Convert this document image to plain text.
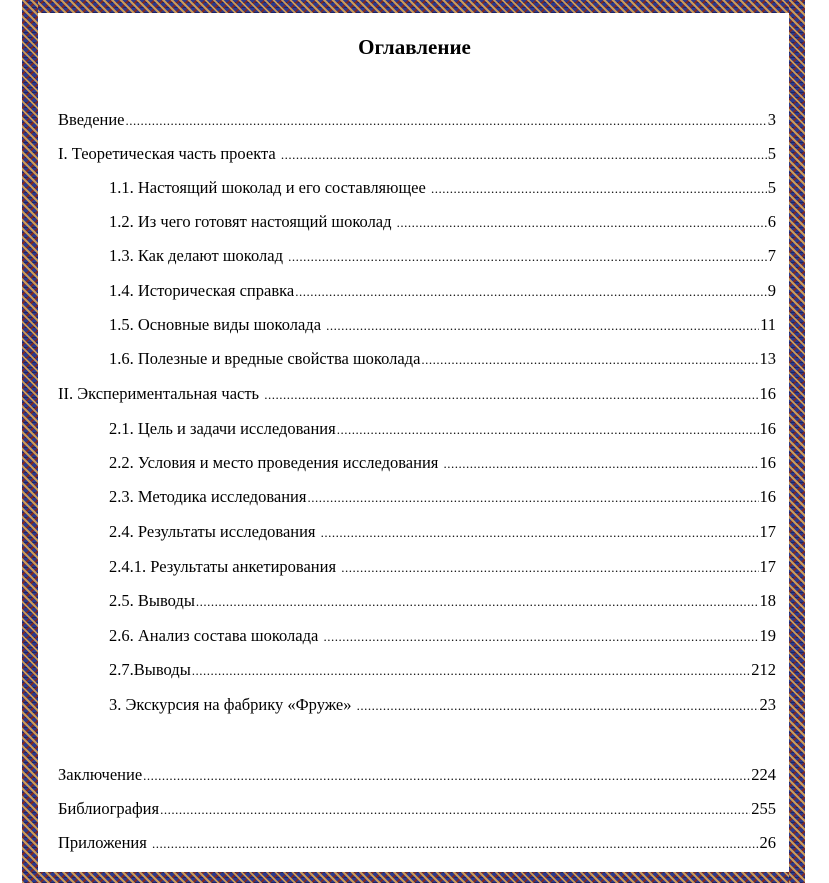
Оглавление
Введение .....	3
I. Теоретическая часть проекта .....	5
1.1. Настоящий шоколад и его составляющее .....	5
1.2. Из чего готовят настоящий шоколад .....	6
1.3. Как делают шоколад .....	7
1.4. Историческая справка .....	9
1.5. Основные виды шоколада .....	11
1.6. Полезные и вредные свойства шоколада .....	13
II. Экспериментальная часть .....	16
2.1. Цель и задачи исследования .....	16
2.2. Условия и место проведения исследования .....	16
2.3. Методика исследования .....	16
2.4. Результаты исследования .....	17
2.4.1. Результаты анкетирования .....	17
2.5. Выводы .....	18
2.6. Анализ состава шоколада .....	19
2.7.Выводы .....	212
3. Экскурсия на фабрику «Фруже» .....	23
Заключение .....	224
Библиография .....	255
Приложения .....	26
